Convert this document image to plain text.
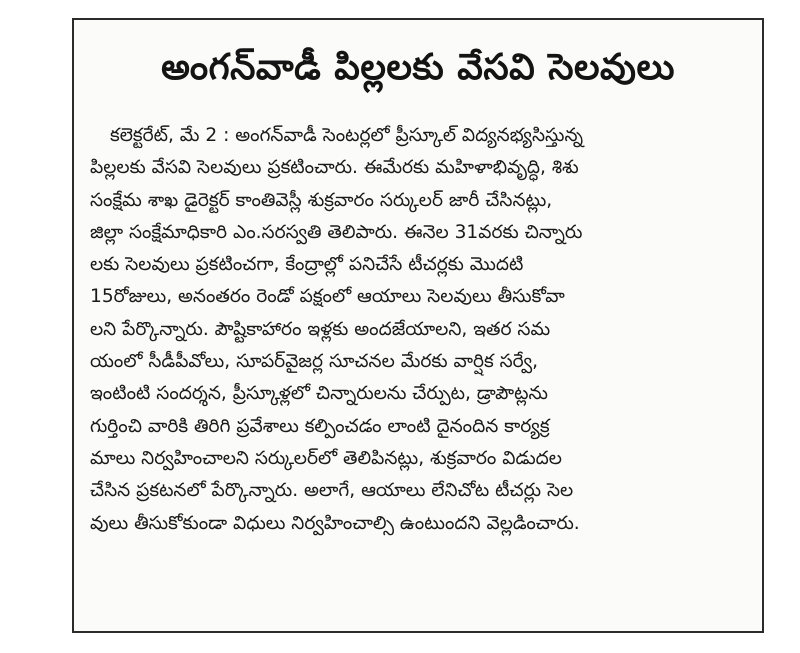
అంగన్‌వాడీ పిల్లలకు వేసవి సెలవులు
కలెక్టరేట్, మే 2 : అంగన్‌వాడీ సెంటర్లలో ప్రీస్కూల్ విద్యనభ్యసిస్తున్న
పిల్లలకు వేసవి సెలవులు ప్రకటించారు. ఈమేరకు మహిళాభివృద్ధి, శిశు
సంక్షేమ శాఖ డైరెక్టర్ కాంతివెస్లీ శుక్రవారం సర్కులర్ జారీ చేసినట్లు,
జిల్లా సంక్షేమాధికారి ఎం.సరస్వతి తెలిపారు. ఈనెల 31వరకు చిన్నారు
లకు సెలవులు ప్రకటించగా, కేంద్రాల్లో పనిచేసే టీచర్లకు మొదటి
15రోజులు, అనంతరం రెండో పక్షంలో ఆయాలు సెలవులు తీసుకోవా
లని పేర్కొన్నారు. పౌష్టికాహారం ఇళ్లకు అందజేయాలని, ఇతర సమ
యంలో సీడీపీవోలు, సూపర్‌వైజర్ల సూచనల మేరకు వార్షిక సర్వే,
ఇంటింటి సందర్శన, ప్రీస్కూళ్లలో చిన్నారులను చేర్పుట, డ్రాపౌట్లను
గుర్తించి వారికి తిరిగి ప్రవేశాలు కల్పించడం లాంటి దైనందిన కార్యక్ర
మాలు నిర్వహించాలని సర్కులర్‌లో తెలిపినట్లు, శుక్రవారం విడుదల
చేసిన ప్రకటనలో పేర్కొన్నారు. అలాగే, ఆయాలు లేనిచోట టీచర్లు సెల
వులు తీసుకోకుండా విధులు నిర్వహించాల్సి ఉంటుందని వెల్లడించారు.
